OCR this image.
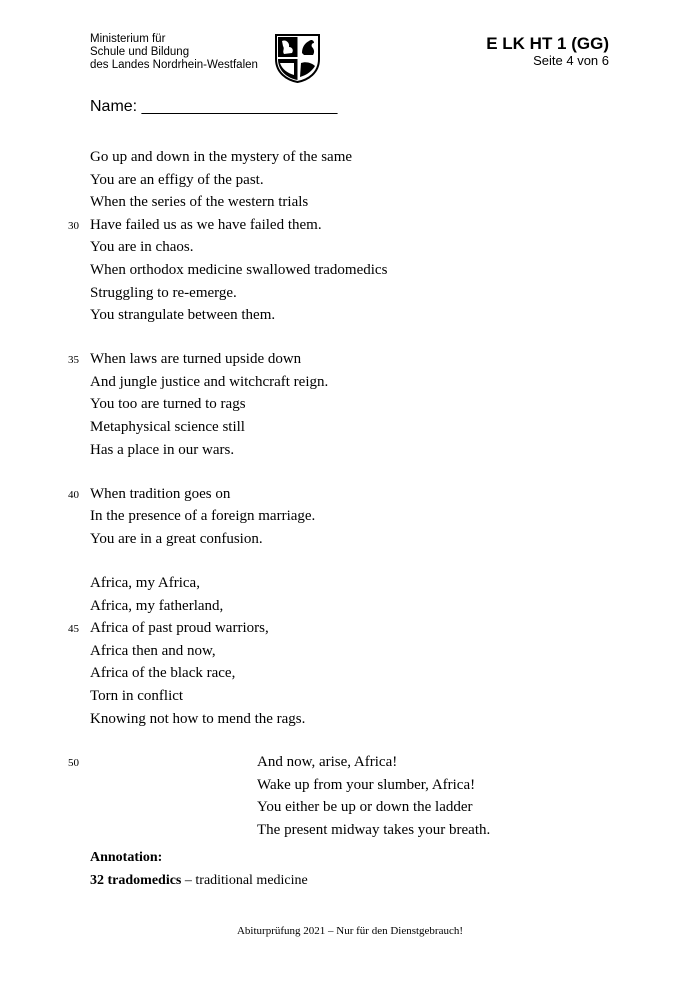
Ministerium für
Schule und Bildung
des Landes Nordrhein-Westfalen
E LK HT 1 (GG)
Seite 4 von 6
Name: ______________________
Go up and down in the mystery of the same
You are an effigy of the past.
When the series of the western trials
Have failed us as we have failed them.
You are in chaos.
When orthodox medicine swallowed tradomedics
Struggling to re-emerge.
You strangulate between them.
When laws are turned upside down
And jungle justice and witchcraft reign.
You too are turned to rags
Metaphysical science still
Has a place in our wars.
When tradition goes on
In the presence of a foreign marriage.
You are in a great confusion.
Africa, my Africa,
Africa, my fatherland,
Africa of past proud warriors,
Africa then and now,
Africa of the black race,
Torn in conflict
Knowing not how to mend the rags.
And now, arise, Africa!
Wake up from your slumber, Africa!
You either be up or down the ladder
The present midway takes your breath.
30
35
40
45
50
Annotation:
32 tradomedics – traditional medicine
Abiturprüfung 2021 – Nur für den Dienstgebrauch!
